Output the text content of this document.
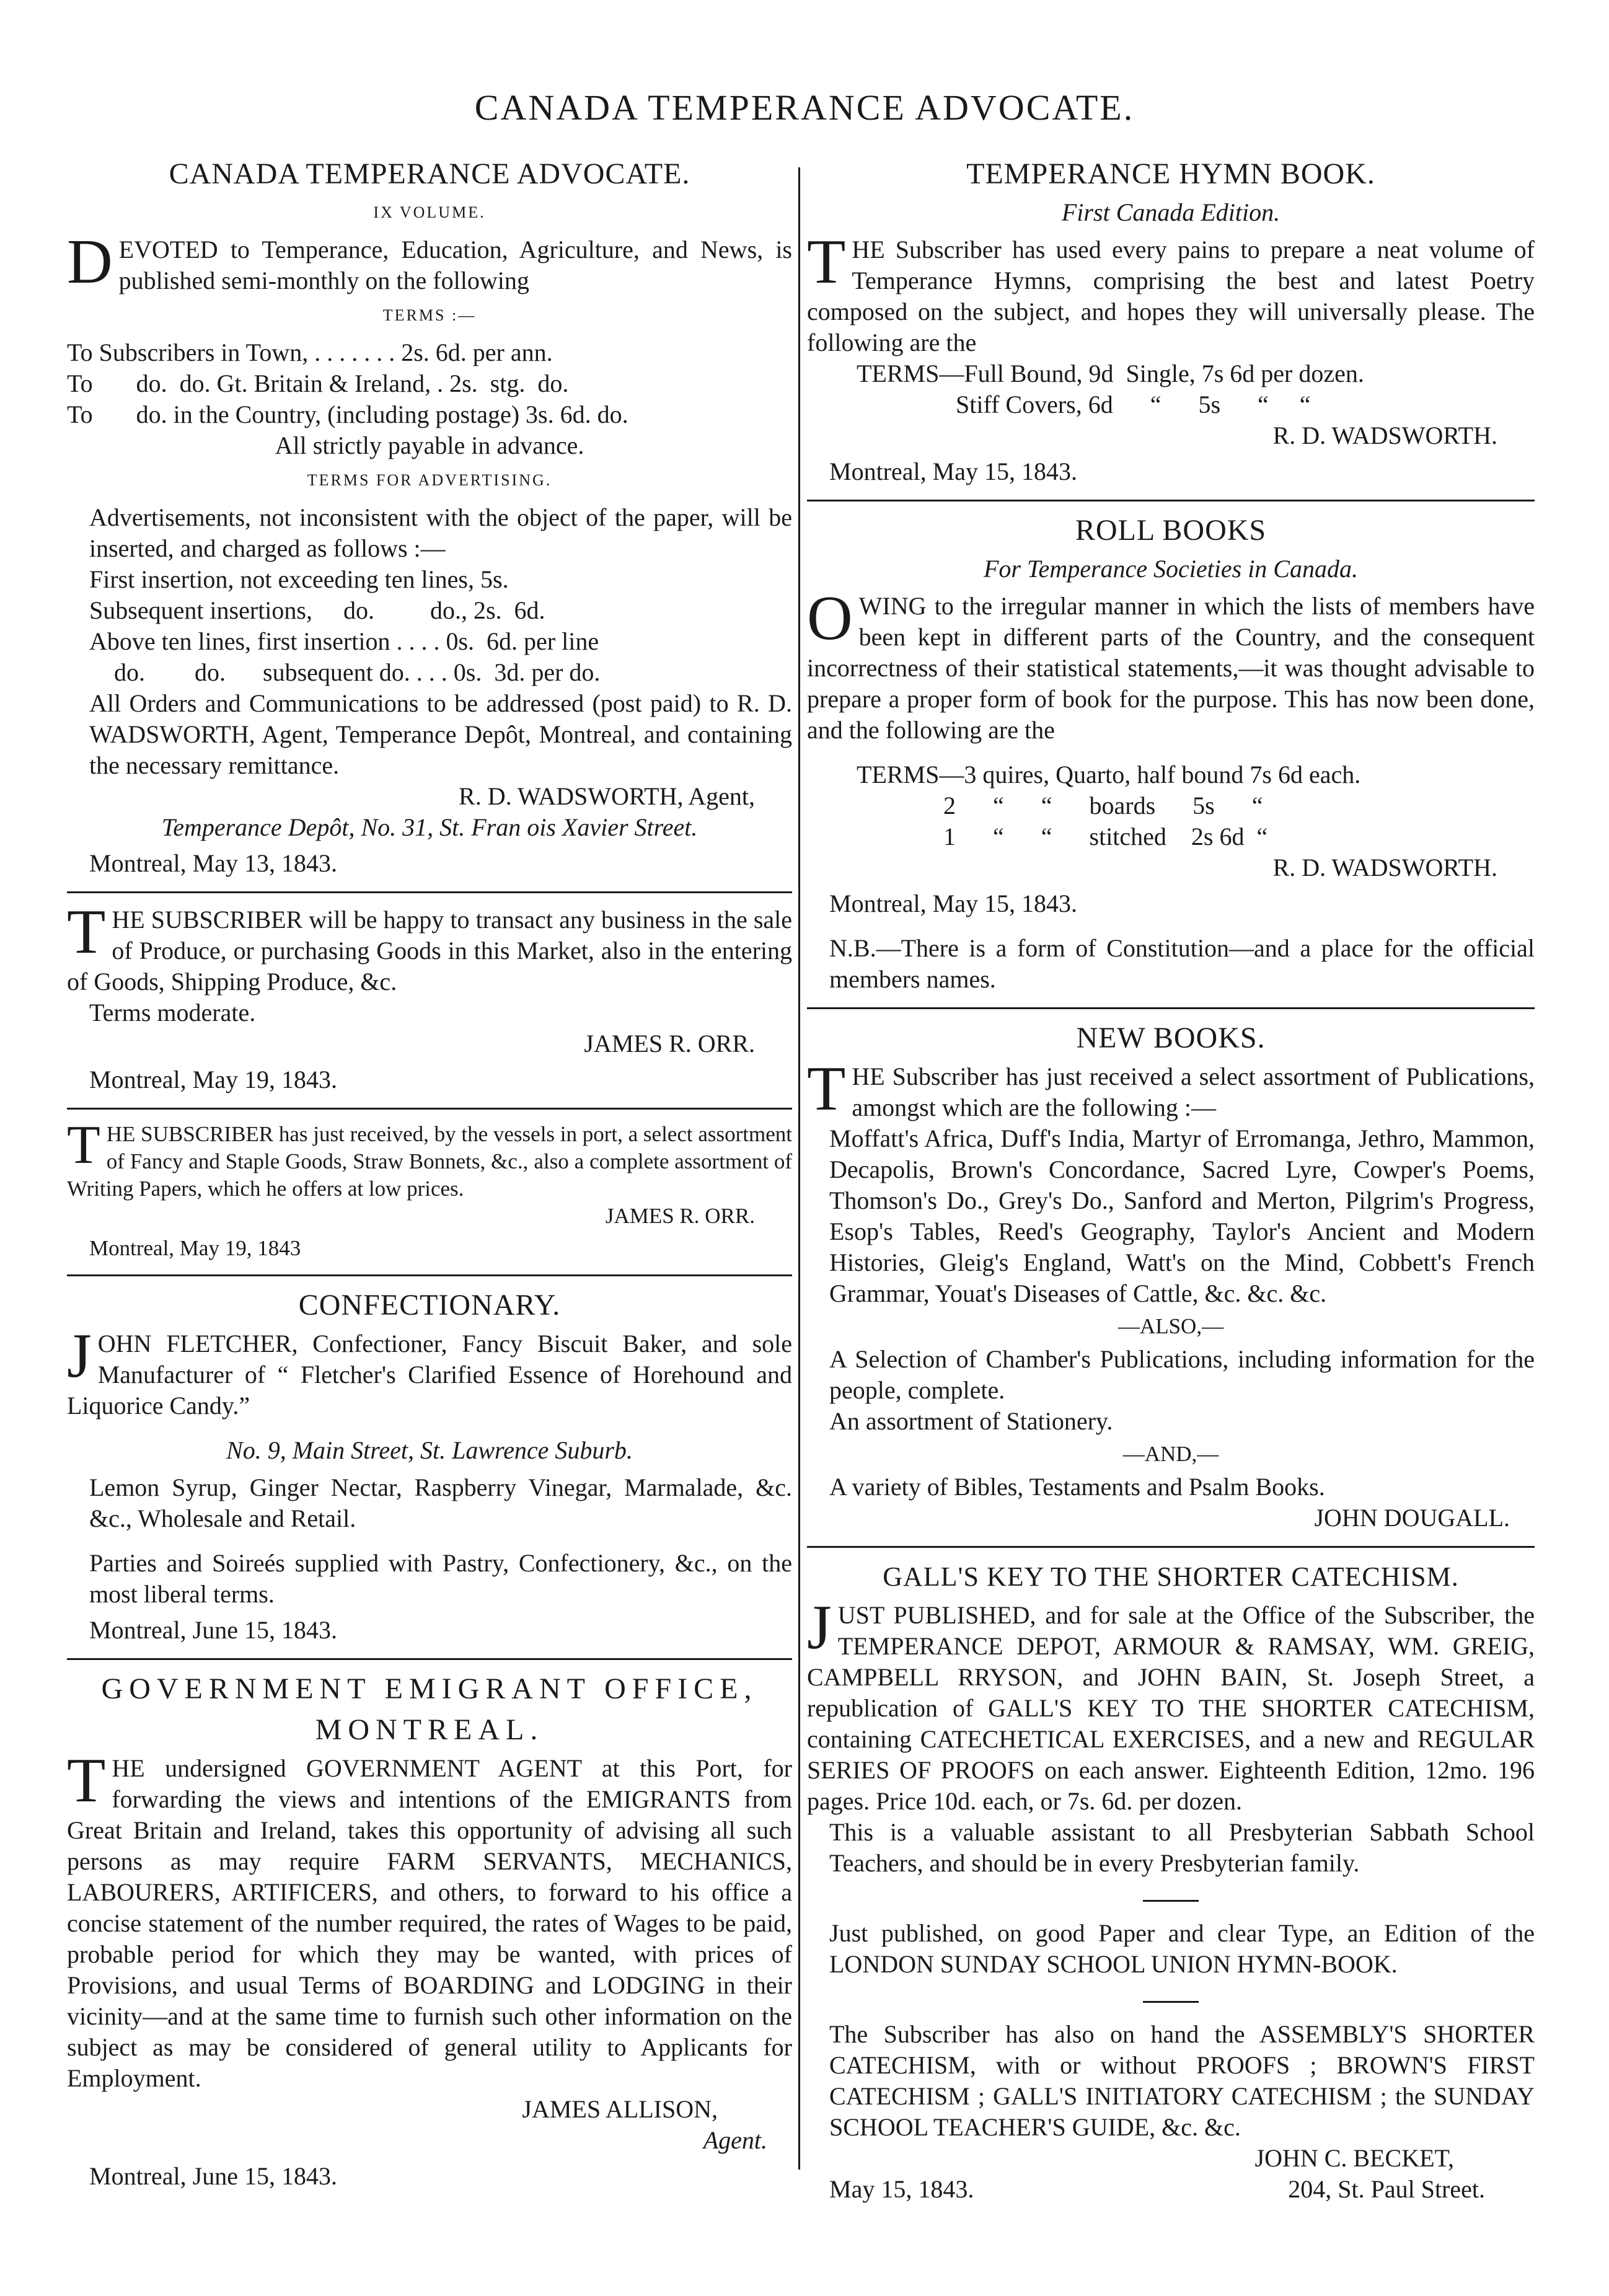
CANADA TEMPERANCE ADVOCATE.
CANADA TEMPERANCE ADVOCATE.
IX VOLUME.

DEVOTED to Temperance, Education, Agriculture, and News, is published semi-monthly on the following

TERMS :—
To Subscribers in Town, . . . . . . . 2s. 6d. per ann.
To       do.  do. Gt. Britain & Ireland, . 2s.  stg.  do.
To       do. in the Country, (including postage) 3s. 6d. do.
All strictly payable in advance.
TERMS FOR ADVERTISING.

Advertisements, not inconsistent with the object of the paper, will be inserted, and charged as follows :—

First insertion, not exceeding ten lines, 5s.
Subsequent insertions,     do.         do., 2s.  6d.
Above ten lines, first insertion . . . . 0s.  6d. per line
do.        do.      subsequent do. . . . 0s.  3d. per do.

All Orders and Communications to be addressed (post paid) to R. D. WADSWORTH, Agent, Temperance Depôt, Montreal, and containing the necessary remittance.

R. D. WADSWORTH, Agent,
Temperance Depôt, No. 31, St. Fran ois Xavier Street.
Montreal, May 13, 1843.

THE SUBSCRIBER will be happy to transact any business in the sale of Produce, or purchasing Goods in this Market, also in the entering of Goods, Shipping Produce, &c.

Terms moderate.
JAMES R. ORR.
Montreal, May 19, 1843.

THE SUBSCRIBER has just received, by the vessels in port, a select assortment of Fancy and Staple Goods, Straw Bonnets, &c., also a complete assortment of Writing Papers, which he offers at low prices.

JAMES R. ORR.
Montreal, May 19, 1843
CONFECTIONARY.

JOHN FLETCHER, Confectioner, Fancy Biscuit Baker, and sole Manufacturer of “ Fletcher's Clarified Essence of Horehound and Liquorice Candy.”

No. 9, Main Street, St. Lawrence Suburb.

Lemon Syrup, Ginger Nectar, Raspberry Vinegar, Marmalade, &c. &c., Wholesale and Retail.

Parties and Soireés supplied with Pastry, Confectionery, &c., on the most liberal terms.

Montreal, June 15, 1843.
GOVERNMENT EMIGRANT OFFICE,
MONTREAL.

THE undersigned GOVERNMENT AGENT at this Port, for forwarding the views and intentions of the EMIGRANTS from Great Britain and Ireland, takes this opportunity of advising all such persons as may require FARM SERVANTS, MECHANICS, LABOURERS, ARTIFICERS, and others, to forward to his office a concise statement of the number required, the rates of Wages to be paid, probable period for which they may be wanted, with prices of Provisions, and usual Terms of BOARDING and LODGING in their vicinity—and at the same time to furnish such other information on the subject as may be considered of general utility to Applicants for Employment.

JAMES ALLISON,
Agent.
Montreal, June 15, 1843.
TEMPERANCE HYMN BOOK.
First Canada Edition.

THE Subscriber has used every pains to prepare a neat volume of Temperance Hymns, comprising the best and latest Poetry composed on the subject, and hopes they will universally please. The following are the

TERMS—Full Bound, 9d  Single, 7s 6d per dozen.
Stiff Covers, 6d      “      5s      “     “
R. D. WADSWORTH.
Montreal, May 15, 1843.
ROLL BOOKS
For Temperance Societies in Canada.

OWING to the irregular manner in which the lists of members have been kept in different parts of the Country, and the consequent incorrectness of their statistical statements,—it was thought advisable to prepare a proper form of book for the purpose. This has now been done, and the following are the

TERMS—3 quires, Quarto, half bound 7s 6d each.
2      “      “      boards      5s      “
1      “      “      stitched    2s 6d  “
R. D. WADSWORTH.
Montreal, May 15, 1843.

N.B.—There is a form of Constitution—and a place for the official members names.

NEW BOOKS.

THE Subscriber has just received a select assortment of Publications, amongst which are the following :—

Moffatt's Africa, Duff's India, Martyr of Erromanga, Jethro, Mammon, Decapolis, Brown's Concordance, Sacred Lyre, Cowper's Poems, Thomson's Do., Grey's Do., Sanford and Merton, Pilgrim's Progress, Esop's Tables, Reed's Geography, Taylor's Ancient and Modern Histories, Gleig's England, Watt's on the Mind, Cobbett's French Grammar, Youat's Diseases of Cattle, &c. &c. &c.

—ALSO,—

A Selection of Chamber's Publications, including information for the people, complete.

An assortment of Stationery.
—AND,—
A variety of Bibles, Testaments and Psalm Books.
JOHN DOUGALL.
GALL'S KEY TO THE SHORTER CATECHISM.

JUST PUBLISHED, and for sale at the Office of the Subscriber, the TEMPERANCE DEPOT, ARMOUR & RAMSAY, WM. GREIG, CAMPBELL RRYSON, and JOHN BAIN, St. Joseph Street, a republication of GALL'S KEY TO THE SHORTER CATECHISM, containing CATECHETICAL EXERCISES, and a new and REGULAR SERIES OF PROOFS on each answer. Eighteenth Edition, 12mo. 196 pages. Price 10d. each, or 7s. 6d. per dozen.

This is a valuable assistant to all Presbyterian Sabbath School Teachers, and should be in every Presbyterian family.

Just published, on good Paper and clear Type, an Edition of the LONDON SUNDAY SCHOOL UNION HYMN-BOOK.

The Subscriber has also on hand the ASSEMBLY'S SHORTER CATECHISM, with or without PROOFS ; BROWN'S FIRST CATECHISM ; GALL'S INITIATORY CATECHISM ; the SUNDAY SCHOOL TEACHER'S GUIDE, &c. &c.

JOHN C. BECKET,
May 15, 1843.	204, St. Paul Street.
